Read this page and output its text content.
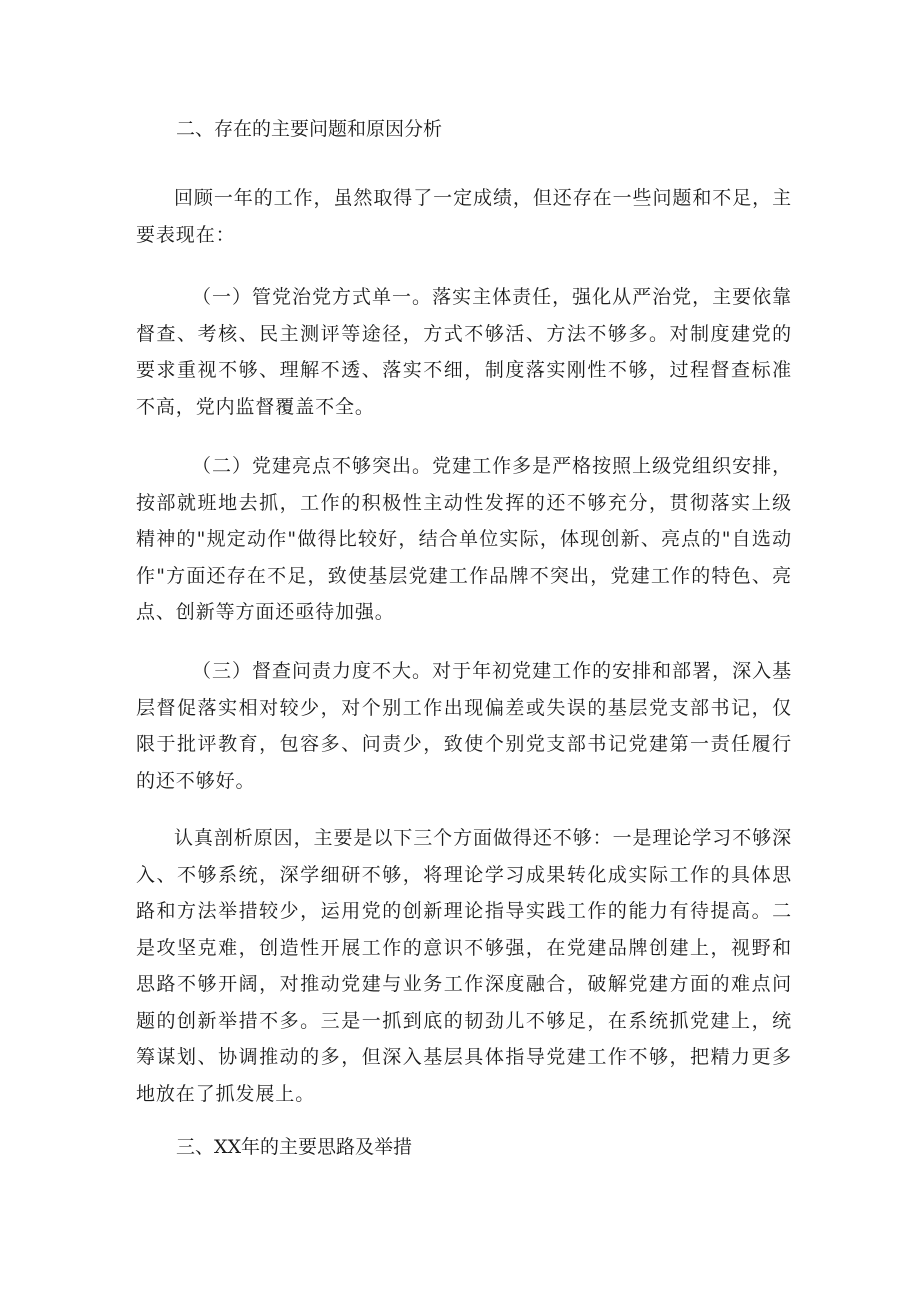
二、存在的主要问题和原因分析
回顾一年的工作，虽然取得了一定成绩，但还存在一些问题和不足，主要表现在：
（一）管党治党方式单一。落实主体责任，强化从严治党，主要依靠督查、考核、民主测评等途径，方式不够活、方法不够多。对制度建党的要求重视不够、理解不透、落实不细，制度落实刚性不够，过程督查标准不高，党内监督覆盖不全。
（二）党建亮点不够突出。党建工作多是严格按照上级党组织安排，按部就班地去抓，工作的积极性主动性发挥的还不够充分，贯彻落实上级精神的"规定动作"做得比较好，结合单位实际，体现创新、亮点的"自选动作"方面还存在不足，致使基层党建工作品牌不突出，党建工作的特色、亮点、创新等方面还亟待加强。
（三）督查问责力度不大。对于年初党建工作的安排和部署，深入基层督促落实相对较少，对个别工作出现偏差或失误的基层党支部书记，仅限于批评教育，包容多、问责少，致使个别党支部书记党建第一责任履行的还不够好。
认真剖析原因，主要是以下三个方面做得还不够：一是理论学习不够深入、不够系统，深学细研不够，将理论学习成果转化成实际工作的具体思路和方法举措较少，运用党的创新理论指导实践工作的能力有待提高。二是攻坚克难，创造性开展工作的意识不够强，在党建品牌创建上，视野和思路不够开阔，对推动党建与业务工作深度融合，破解党建方面的难点问题的创新举措不多。三是一抓到底的韧劲儿不够足，在系统抓党建上，统筹谋划、协调推动的多，但深入基层具体指导党建工作不够，把精力更多地放在了抓发展上。
三、XX年的主要思路及举措
